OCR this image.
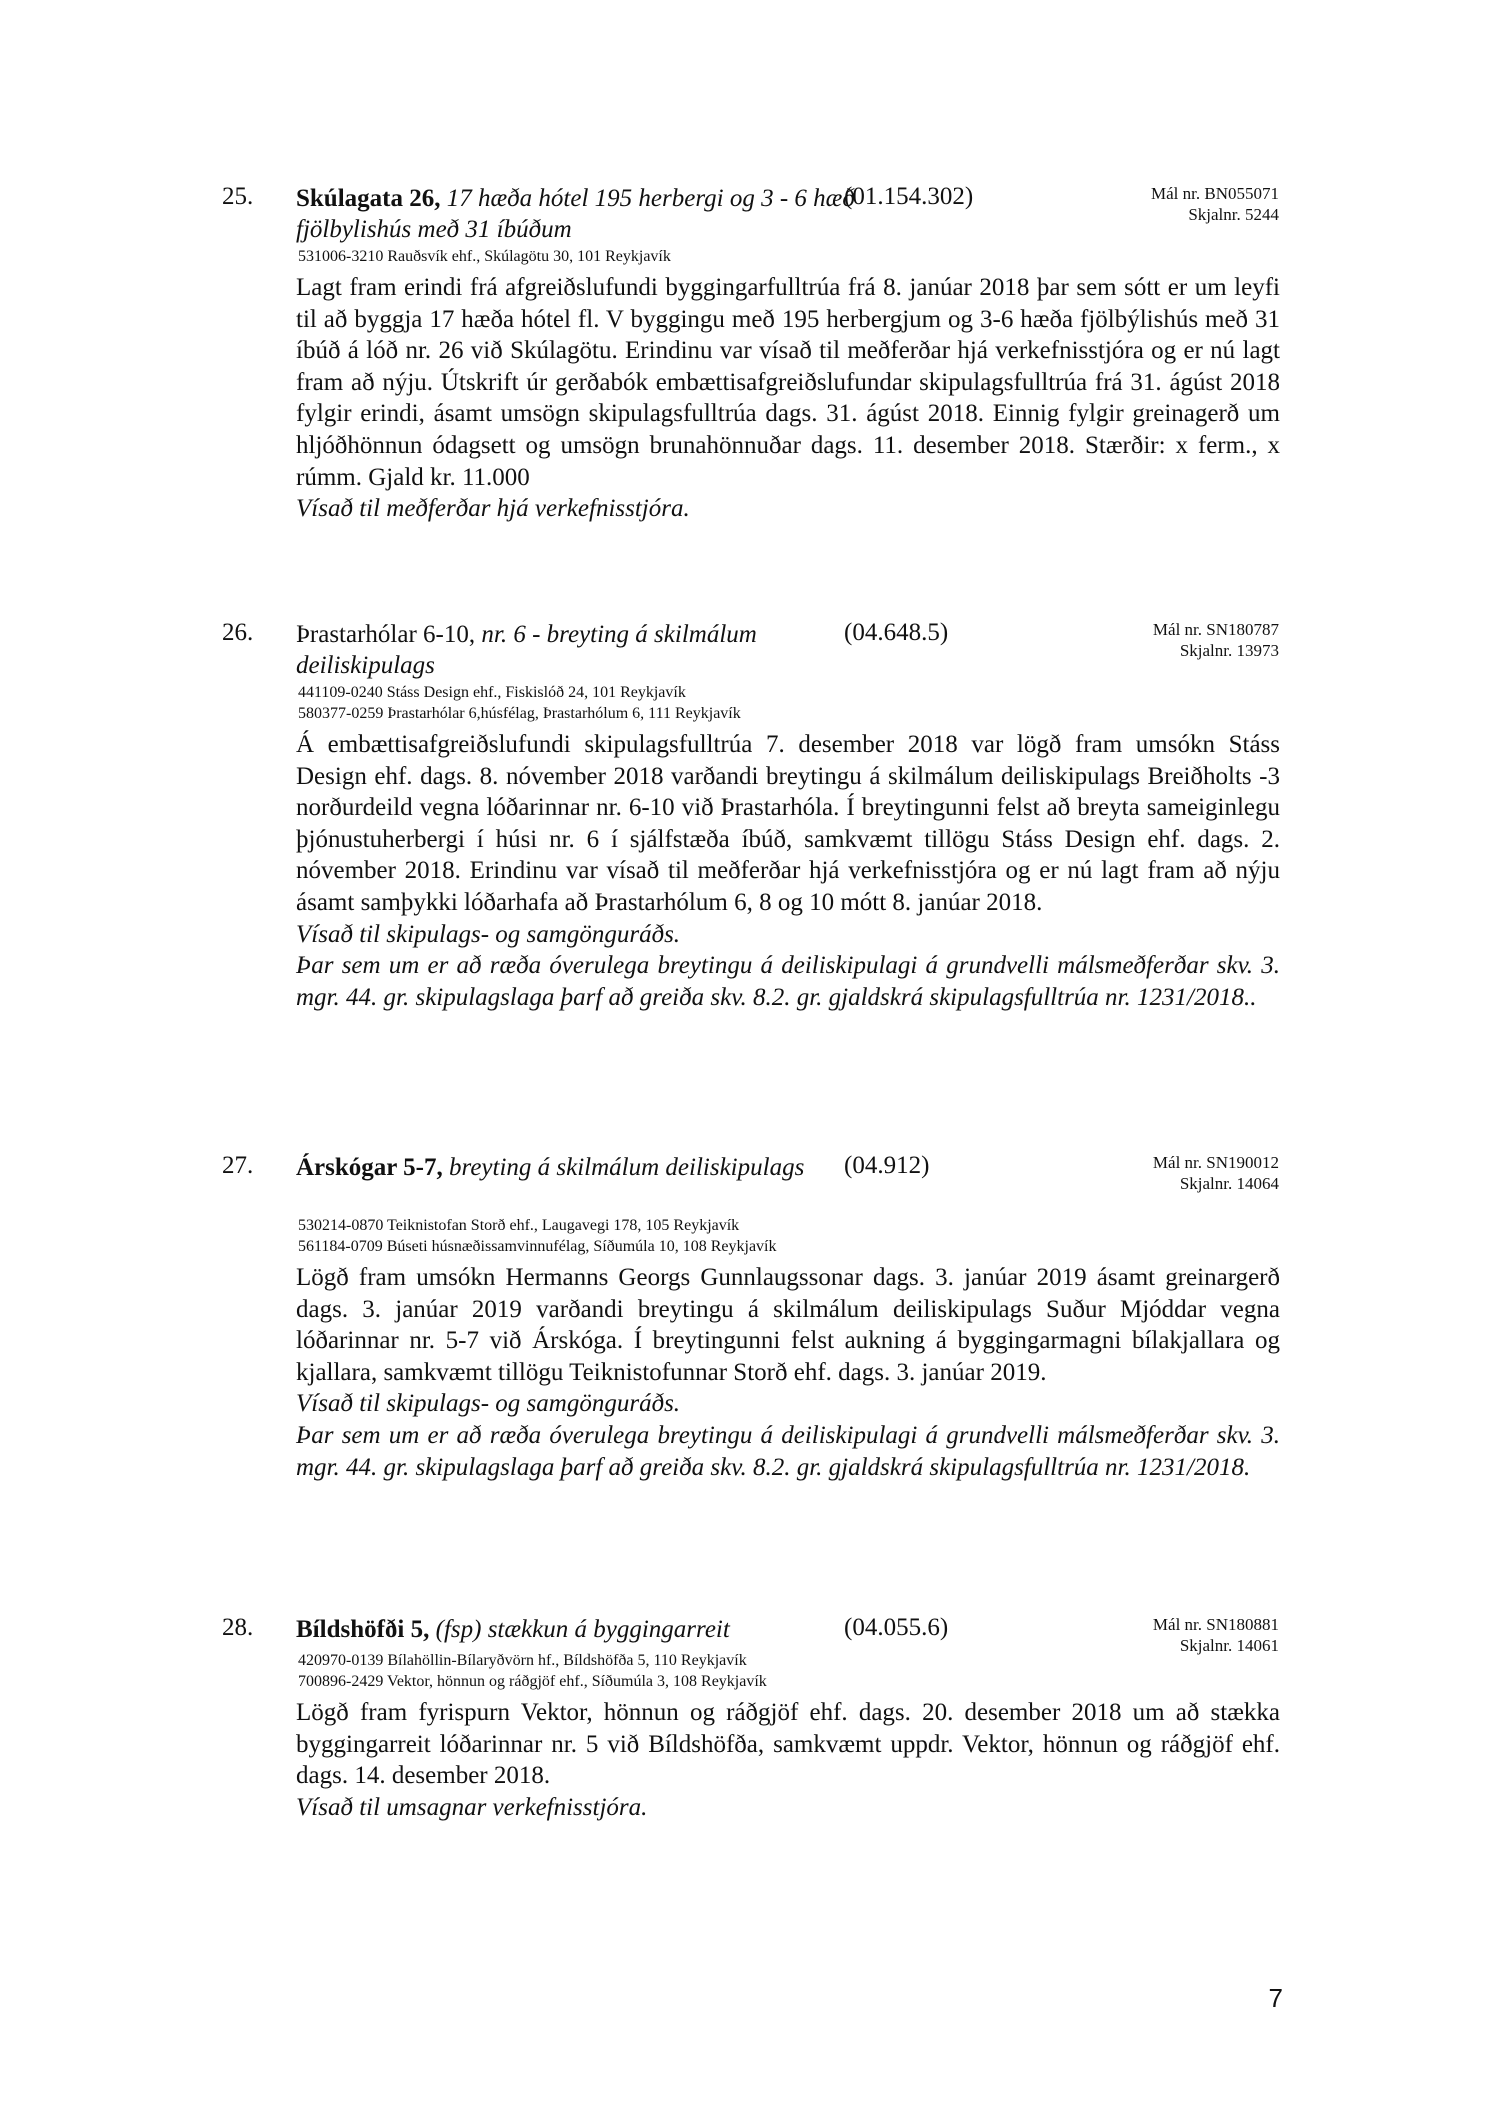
25. Skúlagata 26, 17 hæða hótel 195 herbergi og 3 - 6 hæð fjölbylishús með 31 íbúðum
(01.154.302)	Mál nr. BN055071
Skjalnr. 5244
531006-3210 Rauðsvík ehf., Skúlagötu 30, 101 Reykjavík

Lagt fram erindi frá afgreiðslufundi byggingarfulltrúa frá 8. janúar 2018 þar sem sótt er um leyfi til að byggja 17 hæða hótel fl. V byggingu með 195 herbergjum og 3-6 hæða fjölbýlishús með 31 íbúð á lóð nr. 26 við Skúlagötu. Erindinu var vísað til meðferðar hjá verkefnisstjóra og er nú lagt fram að nýju. Útskrift úr gerðabók embættisafgreiðslufundar skipulagsfulltrúa frá 31. ágúst 2018 fylgir erindi, ásamt umsögn skipulagsfulltrúa dags. 31. ágúst 2018. Einnig fylgir greinagerð um hljóðhönnun ódagsett og umsögn brunahönnuðar dags. 11. desember 2018. Stærðir: x ferm., x rúmm. Gjald kr. 11.000

Vísað til meðferðar hjá verkefnisstjóra.

26. Þrastarhólar 6-10, nr. 6 - breyting á skilmálum deiliskipulags
(04.648.5)	Mál nr. SN180787
Skjalnr. 13973
441109-0240 Stáss Design ehf., Fiskislóð 24, 101 Reykjavík
580377-0259 Þrastarhólar 6,húsfélag, Þrastarhólum 6, 111 Reykjavík

Á embættisafgreiðslufundi skipulagsfulltrúa 7. desember 2018 var lögð fram umsókn Stáss Design ehf. dags. 8. nóvember 2018 varðandi breytingu á skilmálum deiliskipulags Breiðholts -3 norðurdeild vegna lóðarinnar nr. 6-10 við Þrastarhóla. Í breytingunni felst að breyta sameiginlegu þjónustuherbergi í húsi nr. 6 í sjálfstæða íbúð, samkvæmt tillögu Stáss Design ehf. dags. 2. nóvember 2018. Erindinu var vísað til meðferðar hjá verkefnisstjóra og er nú lagt fram að nýju ásamt samþykki lóðarhafa að Þrastarhólum 6, 8 og 10 mótt 8. janúar 2018.

Vísað til skipulags- og samgönguráðs.

Þar sem um er að ræða óverulega breytingu á deiliskipulagi á grundvelli málsmeðferðar skv. 3. mgr. 44. gr. skipulagslaga þarf að greiða skv. 8.2. gr. gjaldskrá skipulagsfulltrúa nr. 1231/2018..

27. Árskógar 5-7, breyting á skilmálum deiliskipulags	(04.912)	Mál nr. SN190012
Skjalnr. 14064
530214-0870 Teiknistofan Storð ehf., Laugavegi 178, 105 Reykjavík
561184-0709 Búseti húsnæðissamvinnufélag, Síðumúla 10, 108 Reykjavík

Lögð fram umsókn Hermanns Georgs Gunnlaugssonar dags. 3. janúar 2019 ásamt greinargerð dags. 3. janúar 2019 varðandi breytingu á skilmálum deiliskipulags Suður Mjóddar vegna lóðarinnar nr. 5-7 við Árskóga. Í breytingunni felst aukning á byggingarmagni bílakjallara og kjallara, samkvæmt tillögu Teiknistofunnar Storð ehf. dags. 3. janúar 2019.

Vísað til skipulags- og samgönguráðs.

Þar sem um er að ræða óverulega breytingu á deiliskipulagi á grundvelli málsmeðferðar skv. 3. mgr. 44. gr. skipulagslaga þarf að greiða skv. 8.2. gr. gjaldskrá skipulagsfulltrúa nr. 1231/2018.

28. Bíldshöfði 5, (fsp) stækkun á byggingarreit	(04.055.6)	Mál nr. SN180881
Skjalnr. 14061
420970-0139 Bílahöllin-Bílaryðvörn hf., Bíldshöfða 5, 110 Reykjavík
700896-2429 Vektor, hönnun og ráðgjöf ehf., Síðumúla 3, 108 Reykjavík

Lögð fram fyrispurn Vektor, hönnun og ráðgjöf ehf. dags. 20. desember 2018 um að stækka byggingarreit lóðarinnar nr. 5 við Bíldshöfða, samkvæmt uppdr. Vektor, hönnun og ráðgjöf ehf. dags. 14. desember 2018.

Vísað til umsagnar verkefnisstjóra.

7
